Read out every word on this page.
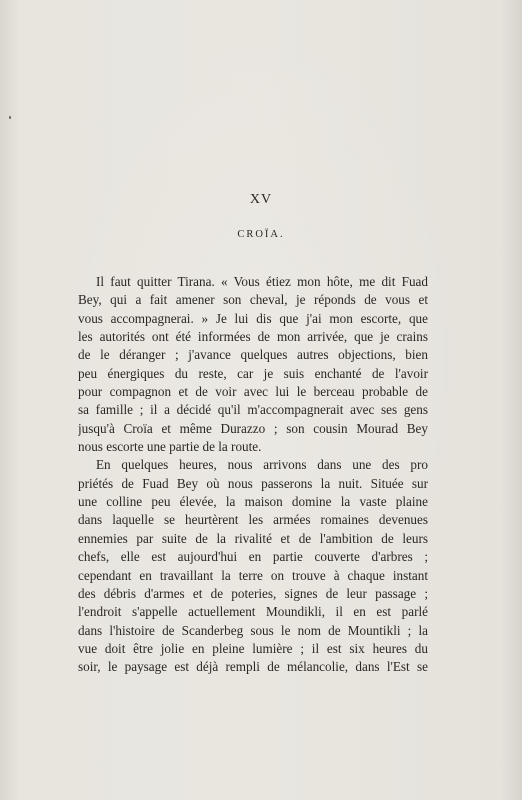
XV
CROÏA.
Il faut quitter Tirana. « Vous étiez mon hôte, me dit Fuad
Bey, qui a fait amener son cheval, je réponds de vous et
vous accompagnerai. » Je lui dis que j'ai mon escorte, que
les autorités ont été informées de mon arrivée, que je crains
de le déranger ; j'avance quelques autres objections, bien
peu énergiques du reste, car je suis enchanté de l'avoir
pour compagnon et de voir avec lui le berceau probable de
sa famille ; il a décidé qu'il m'accompagnerait avec ses gens
jusqu'à Croïa et même Durazzo ; son cousin Mourad Bey
nous escorte une partie de la route.
En quelques heures, nous arrivons dans une des pro
priétés de Fuad Bey où nous passerons la nuit. Située sur
une colline peu élevée, la maison domine la vaste plaine
dans laquelle se heurtèrent les armées romaines devenues
ennemies par suite de la rivalité et de l'ambition de leurs
chefs, elle est aujourd'hui en partie couverte d'arbres ;
cependant en travaillant la terre on trouve à chaque instant
des débris d'armes et de poteries, signes de leur passage ;
l'endroit s'appelle actuellement Moundikli, il en est parlé
dans l'histoire de Scanderbeg sous le nom de Mountikli ; la
vue doit être jolie en pleine lumière ; il est six heures du
soir, le paysage est déjà rempli de mélancolie, dans l'Est se
